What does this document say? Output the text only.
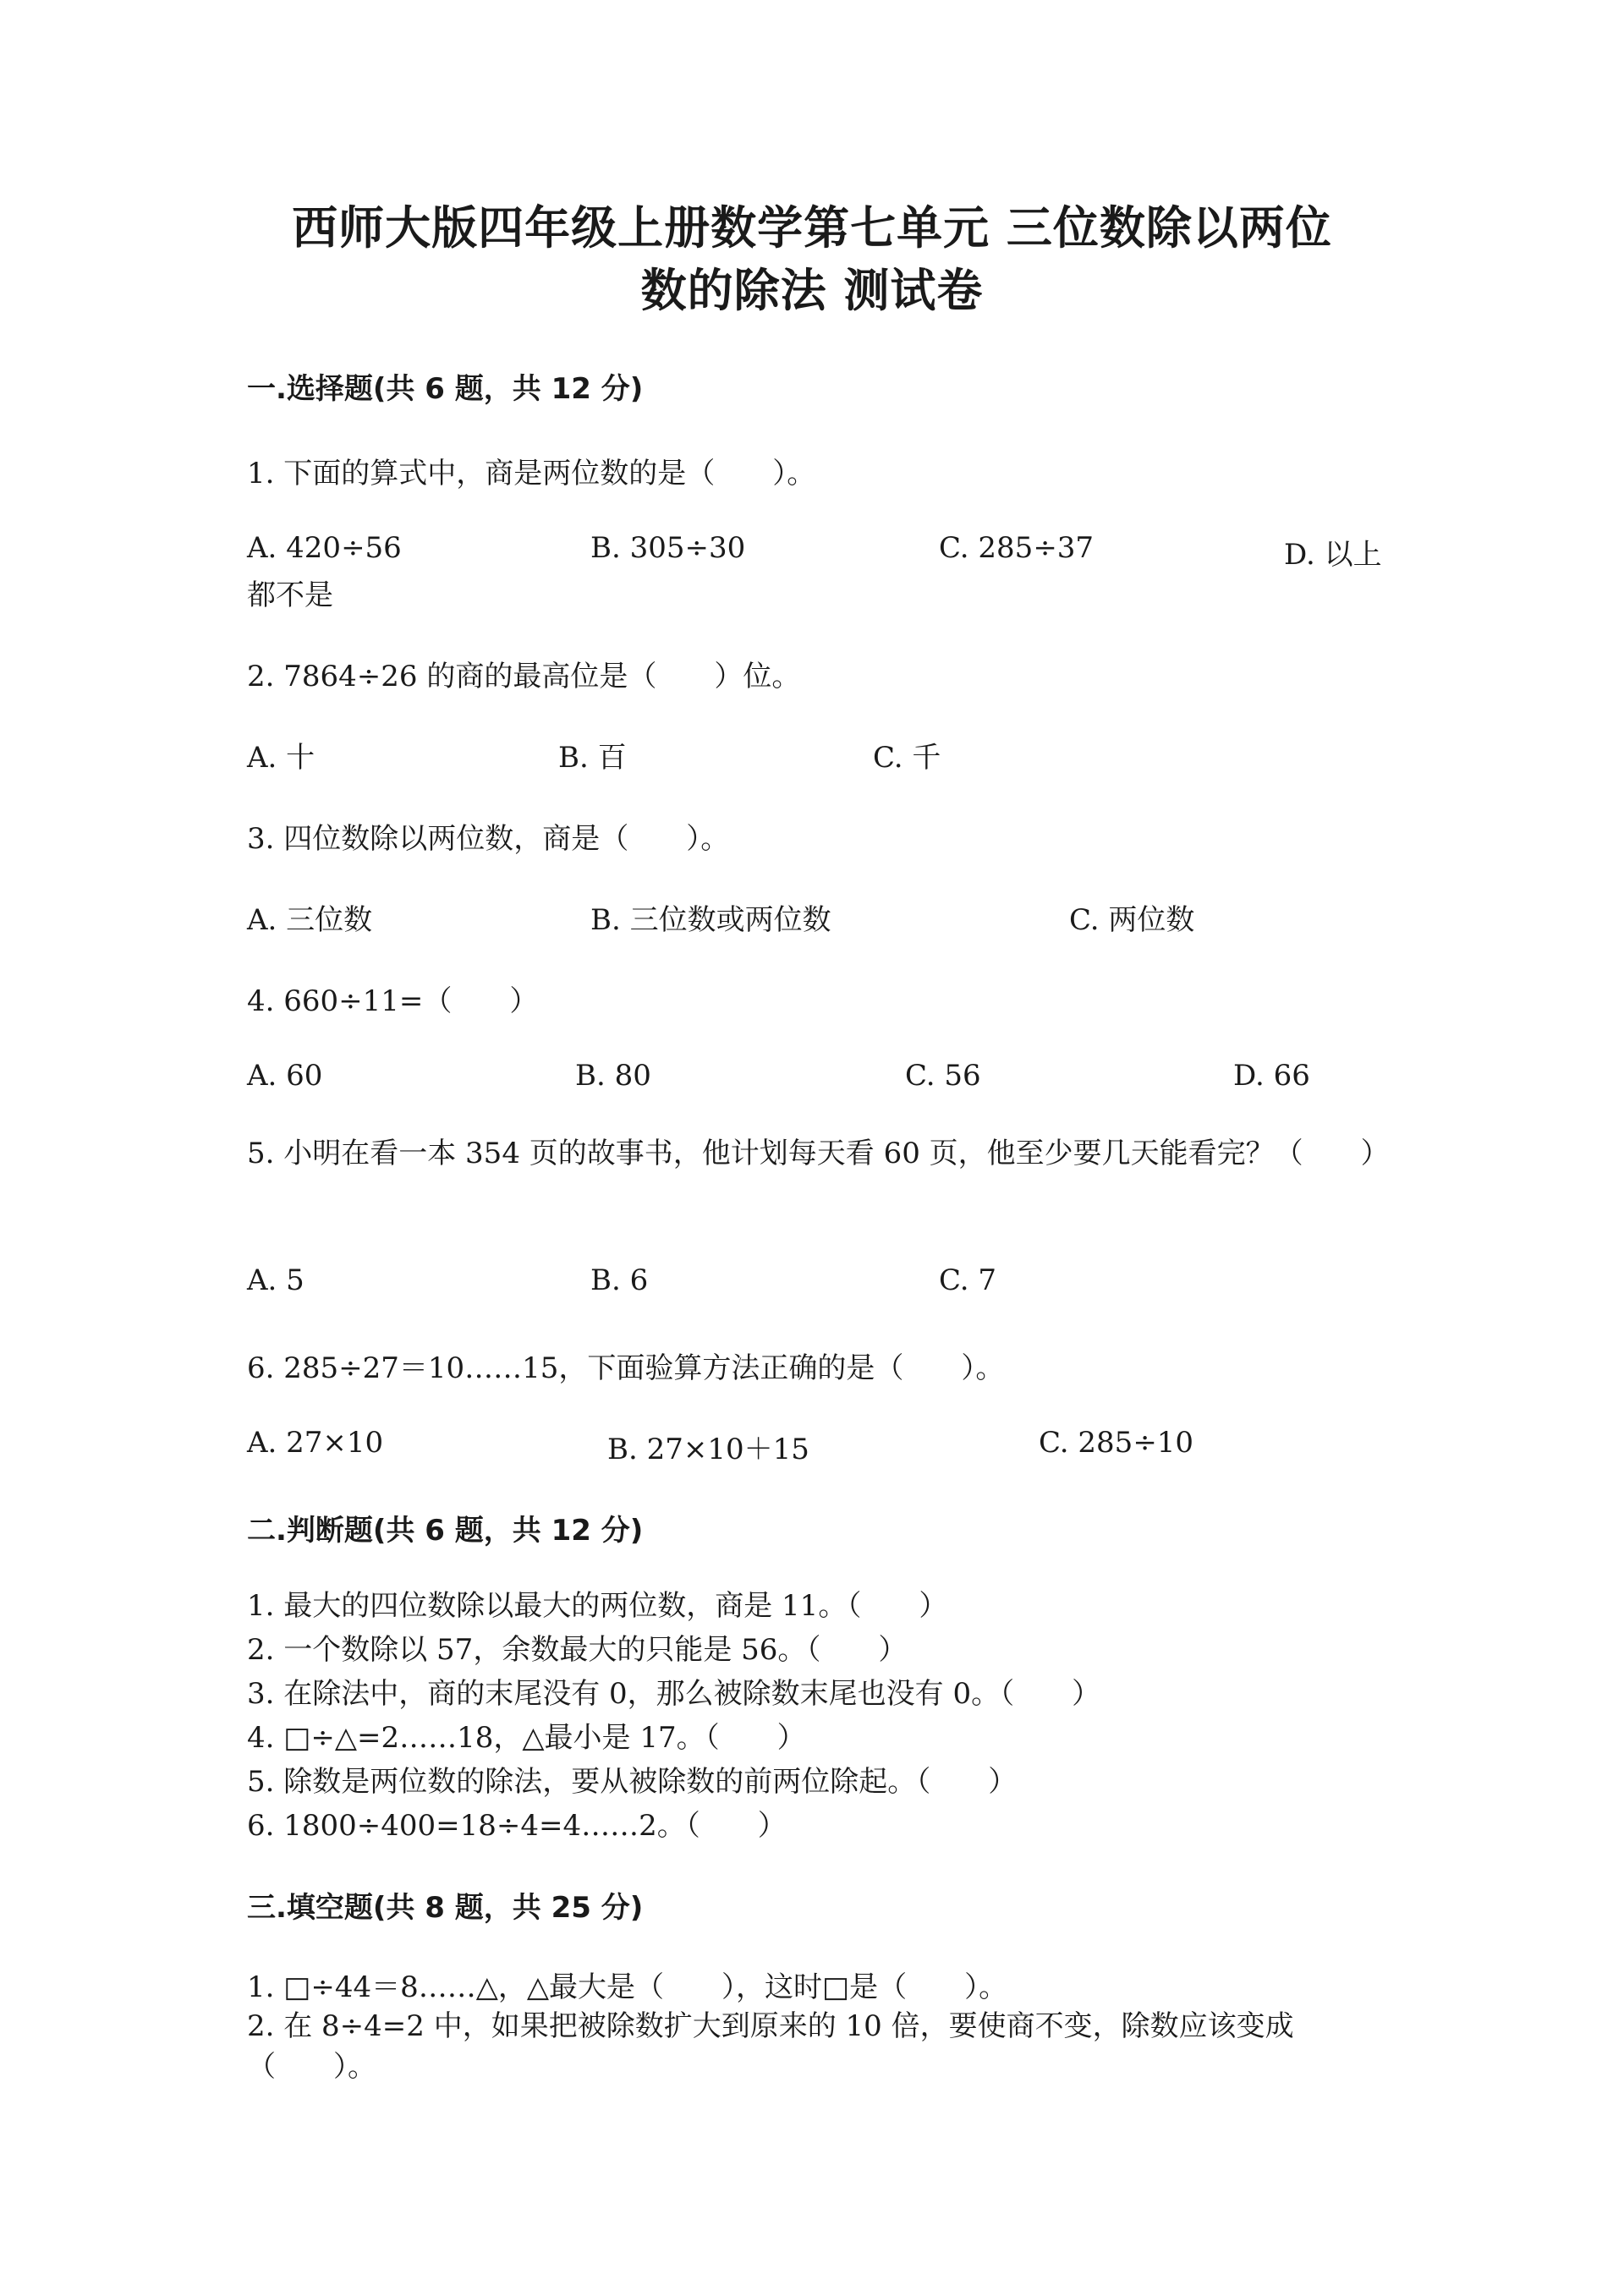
西师大版四年级上册数学第七单元 三位数除以两位
数的除法 测试卷
一.选择题(共 6 题，共 12 分)
1. 下面的算式中，商是两位数的是（　　）。
A. 420÷56	B. 305÷30	C. 285÷37	D. 以上
都不是
2. 7864÷26 的商的最高位是（　　）位。
A. 十	B. 百	C. 千
3. 四位数除以两位数，商是（　　）。
A. 三位数	B. 三位数或两位数	C. 两位数
4. 660÷11=（　　）
A. 60	B. 80	C. 56	D. 66
5. 小明在看一本 354 页的故事书，他计划每天看 60 页，他至少要几天能看完？（　　）
A. 5	B. 6	C. 7
6. 285÷27＝10……15，下面验算方法正确的是（　　）。
A. 27×10	B. 27×10＋15	C. 285÷10
二.判断题(共 6 题，共 12 分)
1. 最大的四位数除以最大的两位数，商是 11。（　　）
2. 一个数除以 57，余数最大的只能是 56。（　　）
3. 在除法中，商的末尾没有 0，那么被除数末尾也没有 0。（　　）
4. □÷△=2……18，△最小是 17。（　　）
5. 除数是两位数的除法，要从被除数的前两位除起。（　　）
6. 1800÷400=18÷4=4……2。（　　）
三.填空题(共 8 题，共 25 分)
1. □÷44＝8……△，△最大是（　　），这时□是（　　）。
2. 在 8÷4=2 中，如果把被除数扩大到原来的 10 倍，要使商不变，除数应该变成（　　）。
